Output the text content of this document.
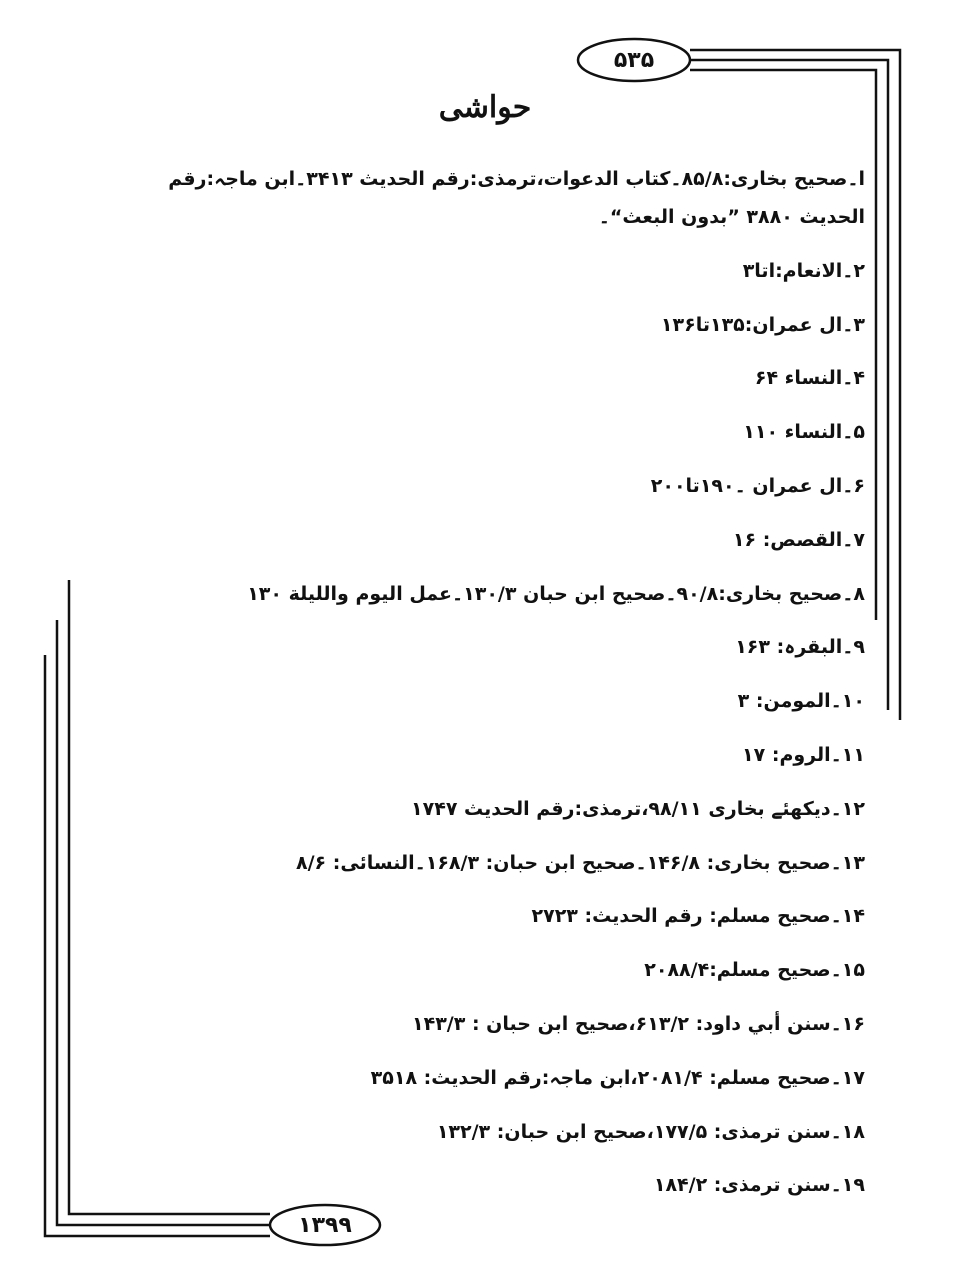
۵۳۵
۱۳۹۹
حواشی

ا۔صحیح بخاری:۸۵/۸۔کتاب الدعوات،ترمذی:رقم الحدیث ۳۴۱۳۔ابن ماجہ:رقم الحدیث ۳۸۸۰ ”بدون البعث“۔

۲۔الانعام:اتا۳

۳۔ال عمران:۱۳۵تا۱۳۶

۴۔النساء ۶۴

۵۔النساء ۱۱۰

۶۔ال عمران ۔۱۹۰تا۲۰۰

۷۔القصص: ۱۶

۸۔صحیح بخاری:۹۰/۸۔صحیح ابن حبان ۱۳۰/۳۔عمل الیوم واللیلة ۱۳۰

۹۔البقرہ: ۱۶۳

۱۰۔المومن: ۳

۱۱۔الروم: ۱۷

۱۲۔دیکھئے بخاری ۹۸/۱۱،ترمذی:رقم الحدیث ۱۷۴۷

۱۳۔صحیح بخاری: ۱۴۶/۸۔صحیح ابن حبان: ۱۶۸/۳۔النسائی: ۸/۶

۱۴۔صحیح مسلم: رقم الحدیث: ۲۷۲۳

۱۵۔صحیح مسلم:۲۰۸۸/۴

۱۶۔سنن أبي داود: ۶۱۳/۲،صحیح ابن حبان : ۱۴۳/۳

۱۷۔صحیح مسلم: ۲۰۸۱/۴،ابن ماجہ:رقم الحدیث: ۳۵۱۸

۱۸۔سنن ترمذی: ۱۷۷/۵،صحیح ابن حبان: ۱۳۲/۳

۱۹۔سنن ترمذی: ۱۸۴/۲
